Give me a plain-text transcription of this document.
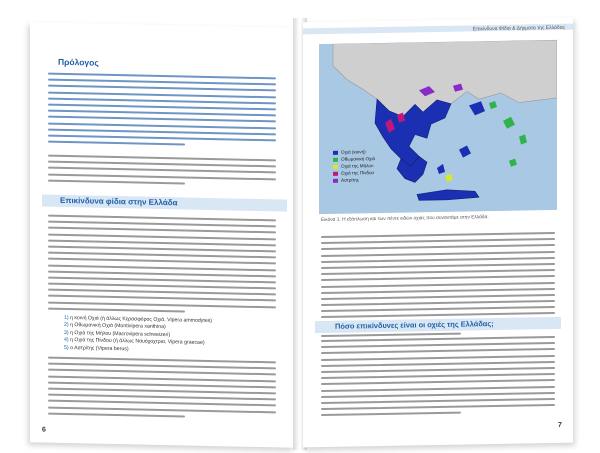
Πρόλογος
Επικίνδυνα φίδια στην Ελλάδα
1) η κοινή Οχιά (ή άλλως Κερασφόρος Οχιά, Vipera ammodytes)
2) η Οθωμανική Οχιά (Montivipera xanthina)
3) η Οχιά της Μήλου (Macrovipera schweizeri)
4) η Οχιά της Πίνδου (ή άλλως Ναυόχοχτρια, Vipera graecae)
5) ο Αστρίτης (Vipera berus)
6
Επικίνδυνα Φίδια & Δήγματα της Ελλάδας
Οχιά (κοινή)
Οθωμανική Οχιά
Οχιά της Μήλου
Οχιά της Πίνδου
Αστρίτης
Εικόνα 1. Η εξάπλωση και των πέντε ειδών οχιάς που συναντάμε στην Ελλάδα.
Πόσο επικίνδυνες είναι οι οχιές της Ελλάδας;
7
